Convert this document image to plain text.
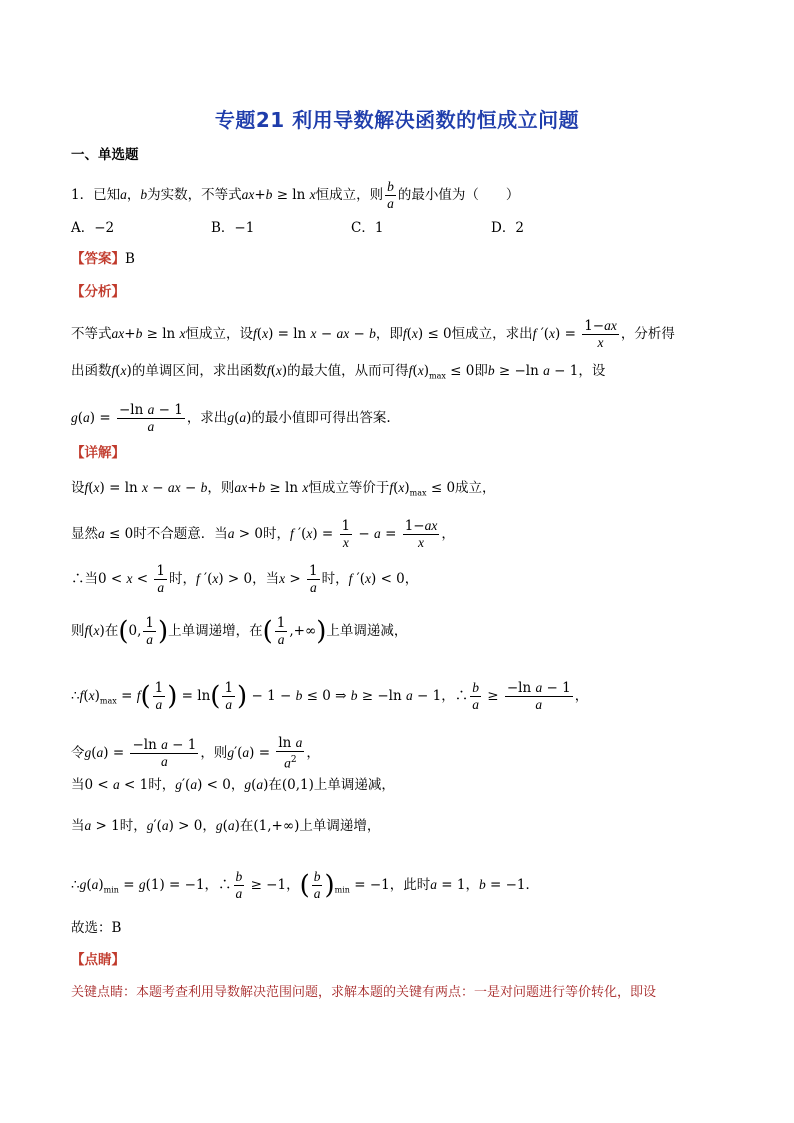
专题21 利用导数解决函数的恒成立问题
一、单选题
1．已知a，b为实数，不等式ax+b ≥ ln x恒成立，则 $\frac{b}{a}$ 的最小值为（　　）
A．−2	B．−1	C．1	D．2
【答案】B
【分析】
不等式ax+b ≥ ln x恒成立，设f(x) = ln x − ax − b，即f(x) ≤ 0恒成立，求出f $'(x) = \frac{1-ax}{x}$ ，分析得
出函数f(x)的单调区间，求出函数f(x)的最大值，从而可得$f(x)_{max} \le 0$即b ≥ −ln a − 1，设
$g(a) = \frac{\text{−ln a − 1}}{a}$ ，求出g(a)的最小值即可得出答案.
【详解】
设f(x) = ln x − ax − b，则ax+b ≥ ln x恒成立等价于$f(x)_{max} \le 0$成立，
显然a ≤ 0时不合题意．当a > 0时，f $'(x) = \frac{1}{x} - a = \frac{1-ax}{x}$ ，
∴当$0 < x < \frac{1}{a}$ 时，f ′(x) > 0，当$x > \frac{1}{a}$ 时，f ′(x) < 0，
则f(x)在(0, $\frac{1}{a}$ )上单调递增，在( $\frac{1}{a}$ ,+∞)上单调递减，
$\therefore f(x)_{max} = f( \frac{1}{a}$ ) = $\ln( \frac{1}{a}$ ) − 1 − b ≤ 0 ⇒ b ≥ −ln a − 1，∴ $\frac{b}{a} \ge \frac{\text{−ln a − 1}}{a}$ ，
令$g(a) = \frac{\text{−ln a − 1}}{a}$ ，则$g'(a) = \frac{\text{ln a}}{a^2}$ ，
当0 < a < 1时，g′(a) < 0，g(a)在(0,1)上单调递减，
当a > 1时，g′(a) > 0，g(a)在(1,+∞)上单调递增，
$\therefore g(a)_{min} = g(1) = -1$，∴ $\frac{b}{a} \ge -1$，( $\frac{b}{a} )_{min} = -1$，此时a = 1，b = −1．
故选：B
【点睛】
关键点睛：本题考查利用导数解决范围问题，求解本题的关键有两点：一是对问题进行等价转化，即设
